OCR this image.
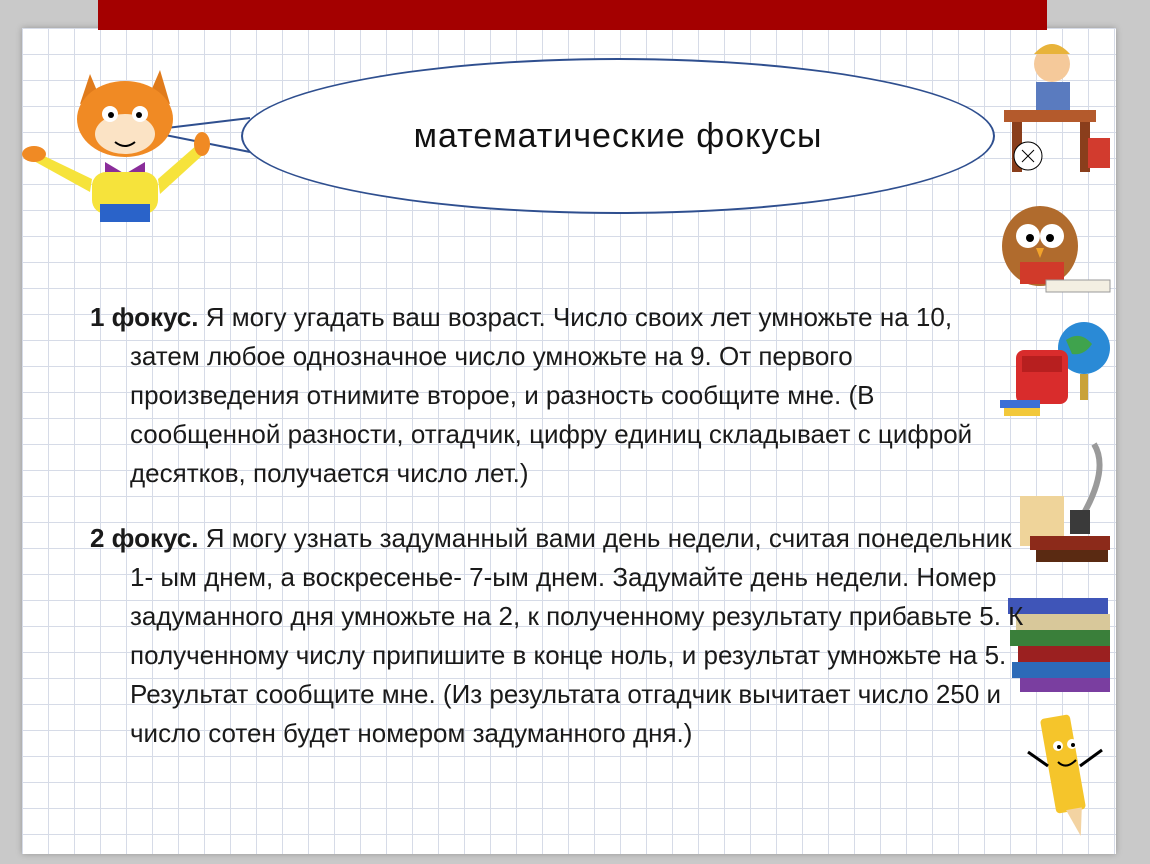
математические фокусы

1 фокус. Я могу угадать ваш возраст. Число своих лет умножьте на 10, затем любое однозначное число умножьте на 9. От первого произведения отнимите второе, и разность сообщите мне. (В сообщенной разности, отгадчик, цифру единиц складывает с цифрой десятков, получается число лет.)

2 фокус. Я могу узнать задуманный вами день недели, считая понедельник 1- ым днем, а воскресенье- 7-ым днем. Задумайте день недели. Номер задуманного дня умножьте на 2, к полученному результату прибавьте 5. К полученному числу припишите в конце ноль, и результат умножьте на 5. Результат сообщите мне. (Из результата отгадчик вычитает число 250 и число сотен будет номером задуманного дня.)
